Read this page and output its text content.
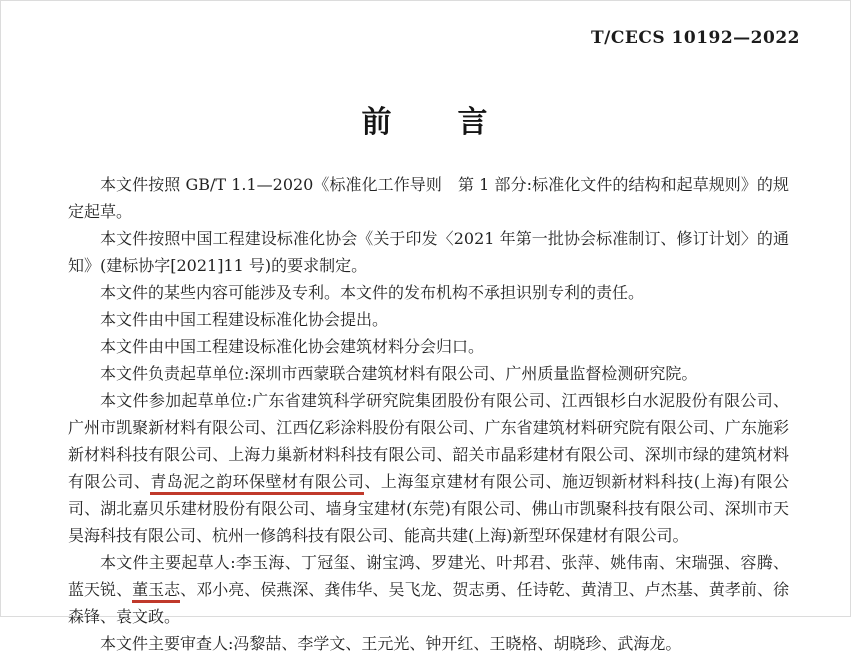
T/CECS 10192—2022
前　　言

本文件按照 GB/T 1.1—2020《标准化工作导则　第 1 部分:标准化文件的结构和起草规则》的规定起草。

本文件按照中国工程建设标准化协会《关于印发〈2021 年第一批协会标准制订、修订计划〉的通知》(建标协字[2021]11 号)的要求制定。

本文件的某些内容可能涉及专利。本文件的发布机构不承担识别专利的责任。

本文件由中国工程建设标准化协会提出。

本文件由中国工程建设标准化协会建筑材料分会归口。

本文件负责起草单位:深圳市西蒙联合建筑材料有限公司、广州质量监督检测研究院。

本文件参加起草单位:广东省建筑科学研究院集团股份有限公司、江西银杉白水泥股份有限公司、广州市凯聚新材料有限公司、江西亿彩涂料股份有限公司、广东省建筑材料研究院有限公司、广东施彩新材料科技有限公司、上海力巢新材料科技有限公司、韶关市晶彩建材有限公司、深圳市绿的建筑材料有限公司、青岛泥之韵环保壁材有限公司、上海玺京建材有限公司、施迈钡新材料科技(上海)有限公司、湖北嘉贝乐建材股份有限公司、墙身宝建材(东莞)有限公司、佛山市凯聚科技有限公司、深圳市天昊海科技有限公司、杭州一修鸽科技有限公司、能高共建(上海)新型环保建材有限公司。

本文件主要起草人:李玉海、丁冠玺、谢宝鸿、罗建光、叶邦君、张萍、姚伟南、宋瑞强、容腾、蓝天锐、董玉志、邓小亮、侯燕深、龚伟华、吴飞龙、贺志勇、任诗乾、黄清卫、卢杰基、黄孝前、徐森锋、袁文政。

本文件主要审查人:冯黎喆、李学文、王元光、钟开红、王晓格、胡晓珍、武海龙。
